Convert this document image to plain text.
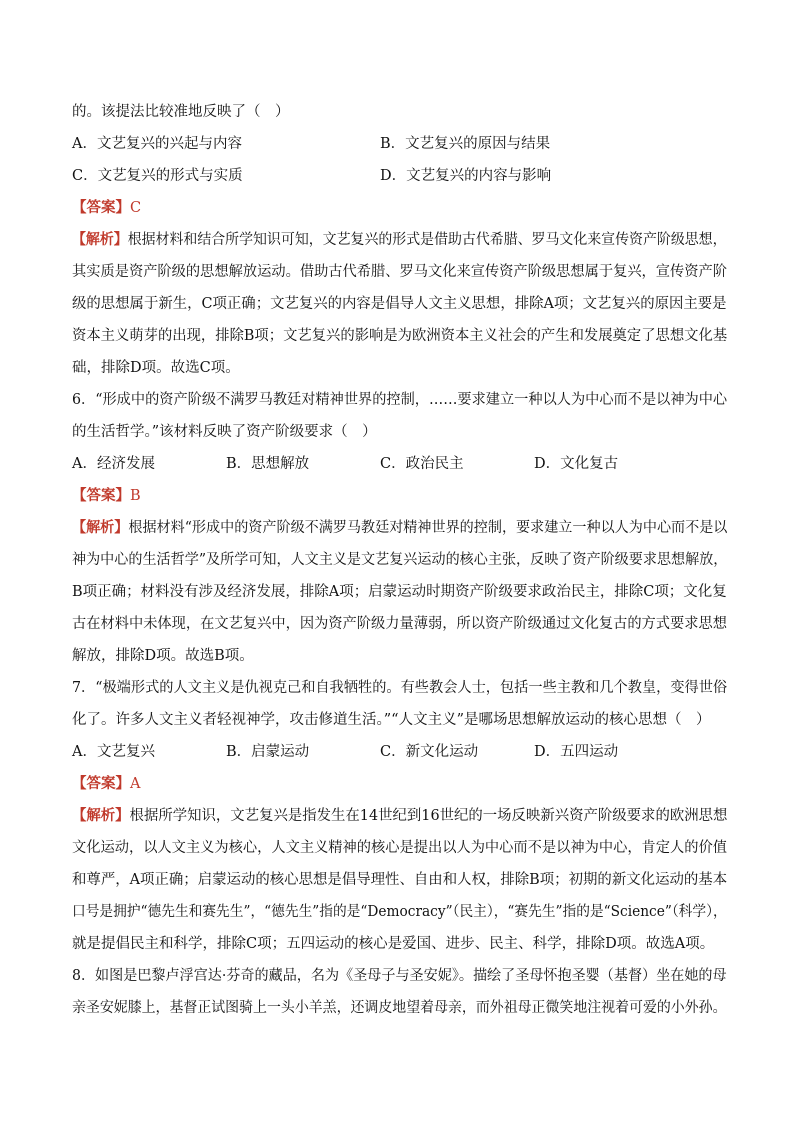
的。该提法比较准地反映了（　）
A．文艺复兴的兴起与内容	B．文艺复兴的原因与结果
C．文艺复兴的形式与实质	D．文艺复兴的内容与影响
【答案】C
【解析】根据材料和结合所学知识可知，文艺复兴的形式是借助古代希腊、罗马文化来宣传资产阶级思想，
其实质是资产阶级的思想解放运动。借助古代希腊、罗马文化来宣传资产阶级思想属于复兴，宣传资产阶
级的思想属于新生，C项正确；文艺复兴的内容是倡导人文主义思想，排除A项；文艺复兴的原因主要是
资本主义萌芽的出现，排除B项；文艺复兴的影响是为欧洲资本主义社会的产生和发展奠定了思想文化基
础，排除D项。故选C项。
6．“形成中的资产阶级不满罗马教廷对精神世界的控制，……要求建立一种以人为中心而不是以神为中心
的生活哲学。”该材料反映了资产阶级要求（　）
A．经济发展	B．思想解放	C．政治民主	D．文化复古
【答案】B
【解析】根据材料“形成中的资产阶级不满罗马教廷对精神世界的控制，要求建立一种以人为中心而不是以
神为中心的生活哲学”及所学可知，人文主义是文艺复兴运动的核心主张，反映了资产阶级要求思想解放，
B项正确；材料没有涉及经济发展，排除A项；启蒙运动时期资产阶级要求政治民主，排除C项；文化复
古在材料中未体现，在文艺复兴中，因为资产阶级力量薄弱，所以资产阶级通过文化复古的方式要求思想
解放，排除D项。故选B项。
7．“极端形式的人文主义是仇视克己和自我牺牲的。有些教会人士，包括一些主教和几个教皇，变得世俗
化了。许多人文主义者轻视神学，攻击修道生活。”“人文主义”是哪场思想解放运动的核心思想（　）
A．文艺复兴	B．启蒙运动	C．新文化运动	D．五四运动
【答案】A
【解析】根据所学知识，文艺复兴是指发生在14世纪到16世纪的一场反映新兴资产阶级要求的欧洲思想
文化运动，以人文主义为核心，人文主义精神的核心是提出以人为中心而不是以神为中心，肯定人的价值
和尊严，A项正确；启蒙运动的核心思想是倡导理性、自由和人权，排除B项；初期的新文化运动的基本
口号是拥护“德先生和赛先生”，“德先生”指的是“Democracy”（民主），“赛先生”指的是“Science”（科学），
就是提倡民主和科学，排除C项；五四运动的核心是爱国、进步、民主、科学，排除D项。故选A项。
8．如图是巴黎卢浮宫达·芬奇的藏品，名为《圣母子与圣安妮》。描绘了圣母怀抱圣婴（基督）坐在她的母
亲圣安妮膝上，基督正试图骑上一头小羊羔，还调皮地望着母亲，而外祖母正微笑地注视着可爱的小外孙。
